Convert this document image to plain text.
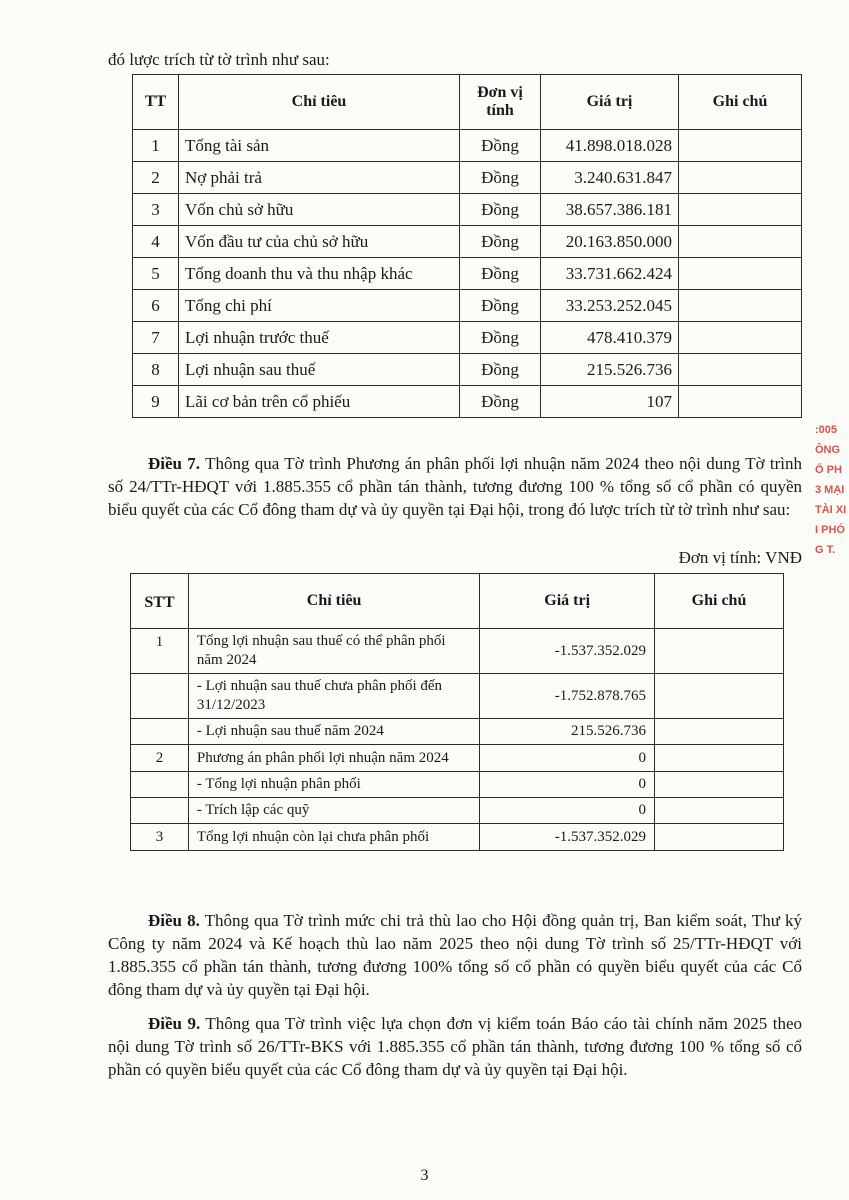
đó lược trích từ tờ trình như sau:
TT	Chỉ tiêu	Đơn vị tính	Giá trị	Ghi chú
1	Tổng tài sản	Đồng	41.898.018.028	
2	Nợ phải trả	Đồng	3.240.631.847	
3	Vốn chủ sở hữu	Đồng	38.657.386.181	
4	Vốn đầu tư của chủ sở hữu	Đồng	20.163.850.000	
5	Tổng doanh thu và thu nhập khác	Đồng	33.731.662.424	
6	Tổng chi phí	Đồng	33.253.252.045	
7	Lợi nhuận trước thuế	Đồng	478.410.379	
8	Lợi nhuận sau thuế	Đồng	215.526.736	
9	Lãi cơ bản trên cổ phiếu	Đồng	107	
Điều 7. Thông qua Tờ trình Phương án phân phối lợi nhuận năm 2024 theo nội dung Tờ trình số 24/TTr-HĐQT với 1.885.355 cổ phần tán thành, tương đương 100 % tổng số cổ phần có quyền biểu quyết của các Cổ đông tham dự và ủy quyền tại Đại hội, trong đó lược trích từ tờ trình như sau:
Đơn vị tính: VNĐ
STT	Chỉ tiêu	Giá trị	Ghi chú
1	Tổng lợi nhuận sau thuế có thể phân phối năm 2024	-1.537.352.029	
	- Lợi nhuận sau thuế chưa phân phối đến 31/12/2023	-1.752.878.765	
	- Lợi nhuận sau thuế năm 2024	215.526.736	
2	Phương án phân phối lợi nhuận năm 2024	0	
	- Tổng lợi nhuận phân phối	0	
	- Trích lập các quỹ	0	
3	Tổng lợi nhuận còn lại chưa phân phối	-1.537.352.029	
Điều 8. Thông qua Tờ trình mức chi trả thù lao cho Hội đồng quản trị, Ban kiểm soát, Thư ký Công ty năm 2024 và Kế hoạch thù lao năm 2025 theo nội dung Tờ trình số 25/TTr-HĐQT với 1.885.355 cổ phần tán thành, tương đương 100% tổng số cổ phần có quyền biểu quyết của các Cổ đông tham dự và ủy quyền tại Đại hội.
Điều 9. Thông qua Tờ trình việc lựa chọn đơn vị kiểm toán Báo cáo tài chính năm 2025 theo nội dung Tờ trình số 26/TTr-BKS với 1.885.355 cổ phần tán thành, tương đương 100 % tổng số cổ phần có quyền biểu quyết của các Cổ đông tham dự và ủy quyền tại Đại hội.
:005
ÔNG
Ổ PH
3 MẠI
TÀI XI
I PHÓ
G T.
3
